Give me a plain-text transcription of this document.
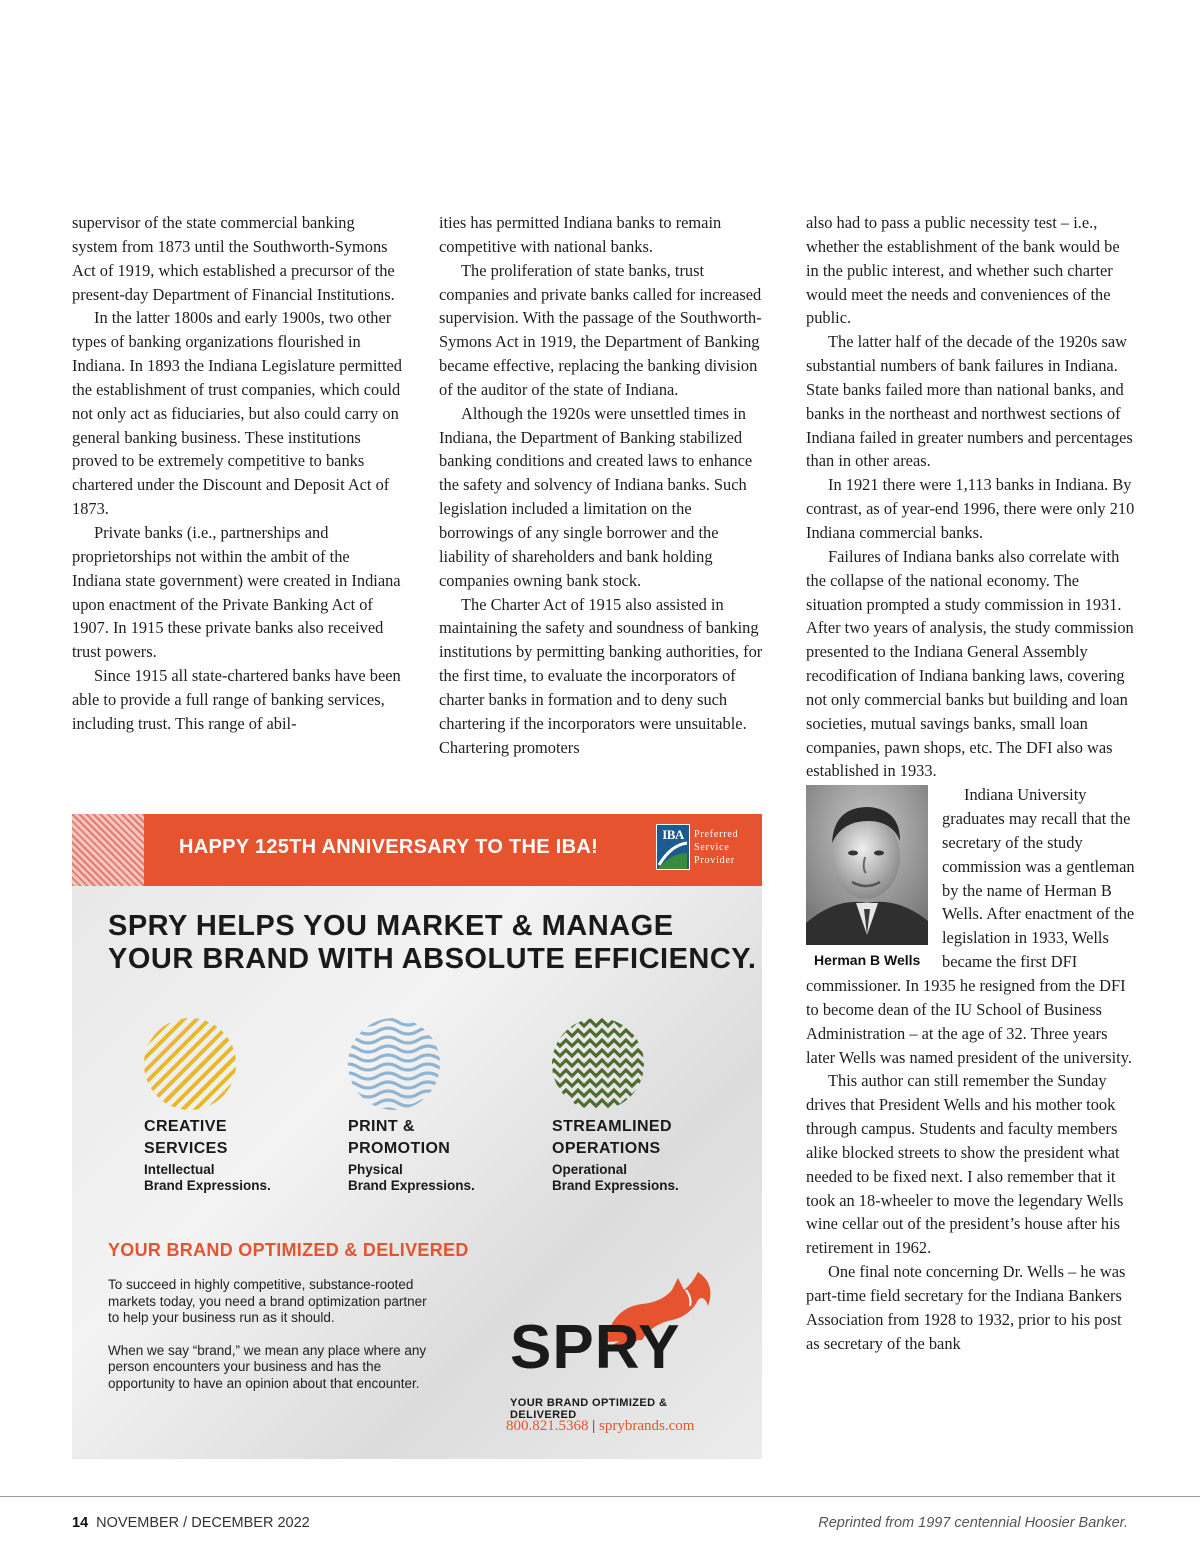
supervisor of the state commercial banking system from 1873 until the Southworth-Symons Act of 1919, which established a precursor of the present-day Department of Financial Institutions.

In the latter 1800s and early 1900s, two other types of banking organizations flourished in Indiana. In 1893 the Indiana Legislature permitted the establishment of trust companies, which could not only act as fiduciaries, but also could carry on general banking business. These institutions proved to be extremely competitive to banks chartered under the Discount and Deposit Act of 1873.

Private banks (i.e., partnerships and proprietorships not within the ambit of the Indiana state government) were created in Indiana upon enactment of the Private Banking Act of 1907. In 1915 these private banks also received trust powers.

Since 1915 all state-chartered banks have been able to provide a full range of banking services, including trust. This range of abil-

ities has permitted Indiana banks to remain competitive with national banks.

The proliferation of state banks, trust companies and private banks called for increased supervision. With the passage of the Southworth-Symons Act in 1919, the Department of Banking became effective, replacing the banking division of the auditor of the state of Indiana.

Although the 1920s were unsettled times in Indiana, the Department of Banking stabilized banking conditions and created laws to enhance the safety and solvency of Indiana banks. Such legislation included a limitation on the borrowings of any single borrower and the liability of shareholders and bank holding companies owning bank stock.

The Charter Act of 1915 also assisted in maintaining the safety and soundness of banking institutions by permitting banking authorities, for the first time, to evaluate the incorporators of charter banks in formation and to deny such chartering if the incorporators were unsuitable. Chartering promoters

also had to pass a public necessity test – i.e., whether the establishment of the bank would be in the public interest, and whether such charter would meet the needs and conveniences of the public.

The latter half of the decade of the 1920s saw substantial numbers of bank failures in Indiana. State banks failed more than national banks, and banks in the northeast and northwest sections of Indiana failed in greater numbers and percentages than in other areas.

In 1921 there were 1,113 banks in Indiana. By contrast, as of year-end 1996, there were only 210 Indiana commercial banks.

Failures of Indiana banks also correlate with the collapse of the national economy. The situation prompted a study commission in 1931. After two years of analysis, the study commission presented to the Indiana General Assembly recodification of Indiana banking laws, covering not only commercial banks but building and loan societies, mutual savings banks, small loan companies, pawn shops, etc. The DFI also was established in 1933.

Herman B Wells

Indiana University graduates may recall that the secretary of the study commission was a gentleman by the name of Herman B Wells. After enactment of the legislation in 1933, Wells became the first DFI commissioner. In 1935 he resigned from the DFI to become dean of the IU School of Business Administration – at the age of 32. Three years later Wells was named president of the university.

This author can still remember the Sunday drives that President Wells and his mother took through campus. Students and faculty members alike blocked streets to show the president what needed to be fixed next. I also remember that it took an 18-wheeler to move the legendary Wells wine cellar out of the president’s house after his retirement in 1962.

One final note concerning Dr. Wells – he was part-time field secretary for the Indiana Bankers Association from 1928 to 1932, prior to his post as secretary of the bank

HAPPY 125TH ANNIVERSARY TO THE IBA!
IBA	Preferred
Service
Provider
SPRY HELPS YOU MARKET & MANAGE
YOUR BRAND WITH ABSOLUTE EFFICIENCY.
CREATIVE
SERVICES
Intellectual
Brand Expressions.
PRINT &
PROMOTION
Physical
Brand Expressions.
STREAMLINED
OPERATIONS
Operational
Brand Expressions.
YOUR BRAND OPTIMIZED & DELIVERED

To succeed in highly competitive, substance-rooted markets today, you need a brand optimization partner to help your business run as it should.

When we say “brand,” we mean any place where any person encounters your business and has the opportunity to have an opinion about that encounter.

SPRY
YOUR BRAND OPTIMIZED & DELIVERED
800.821.5368 | sprybrands.com
14 NOVEMBER / DECEMBER 2022	Reprinted from 1997 centennial Hoosier Banker.
